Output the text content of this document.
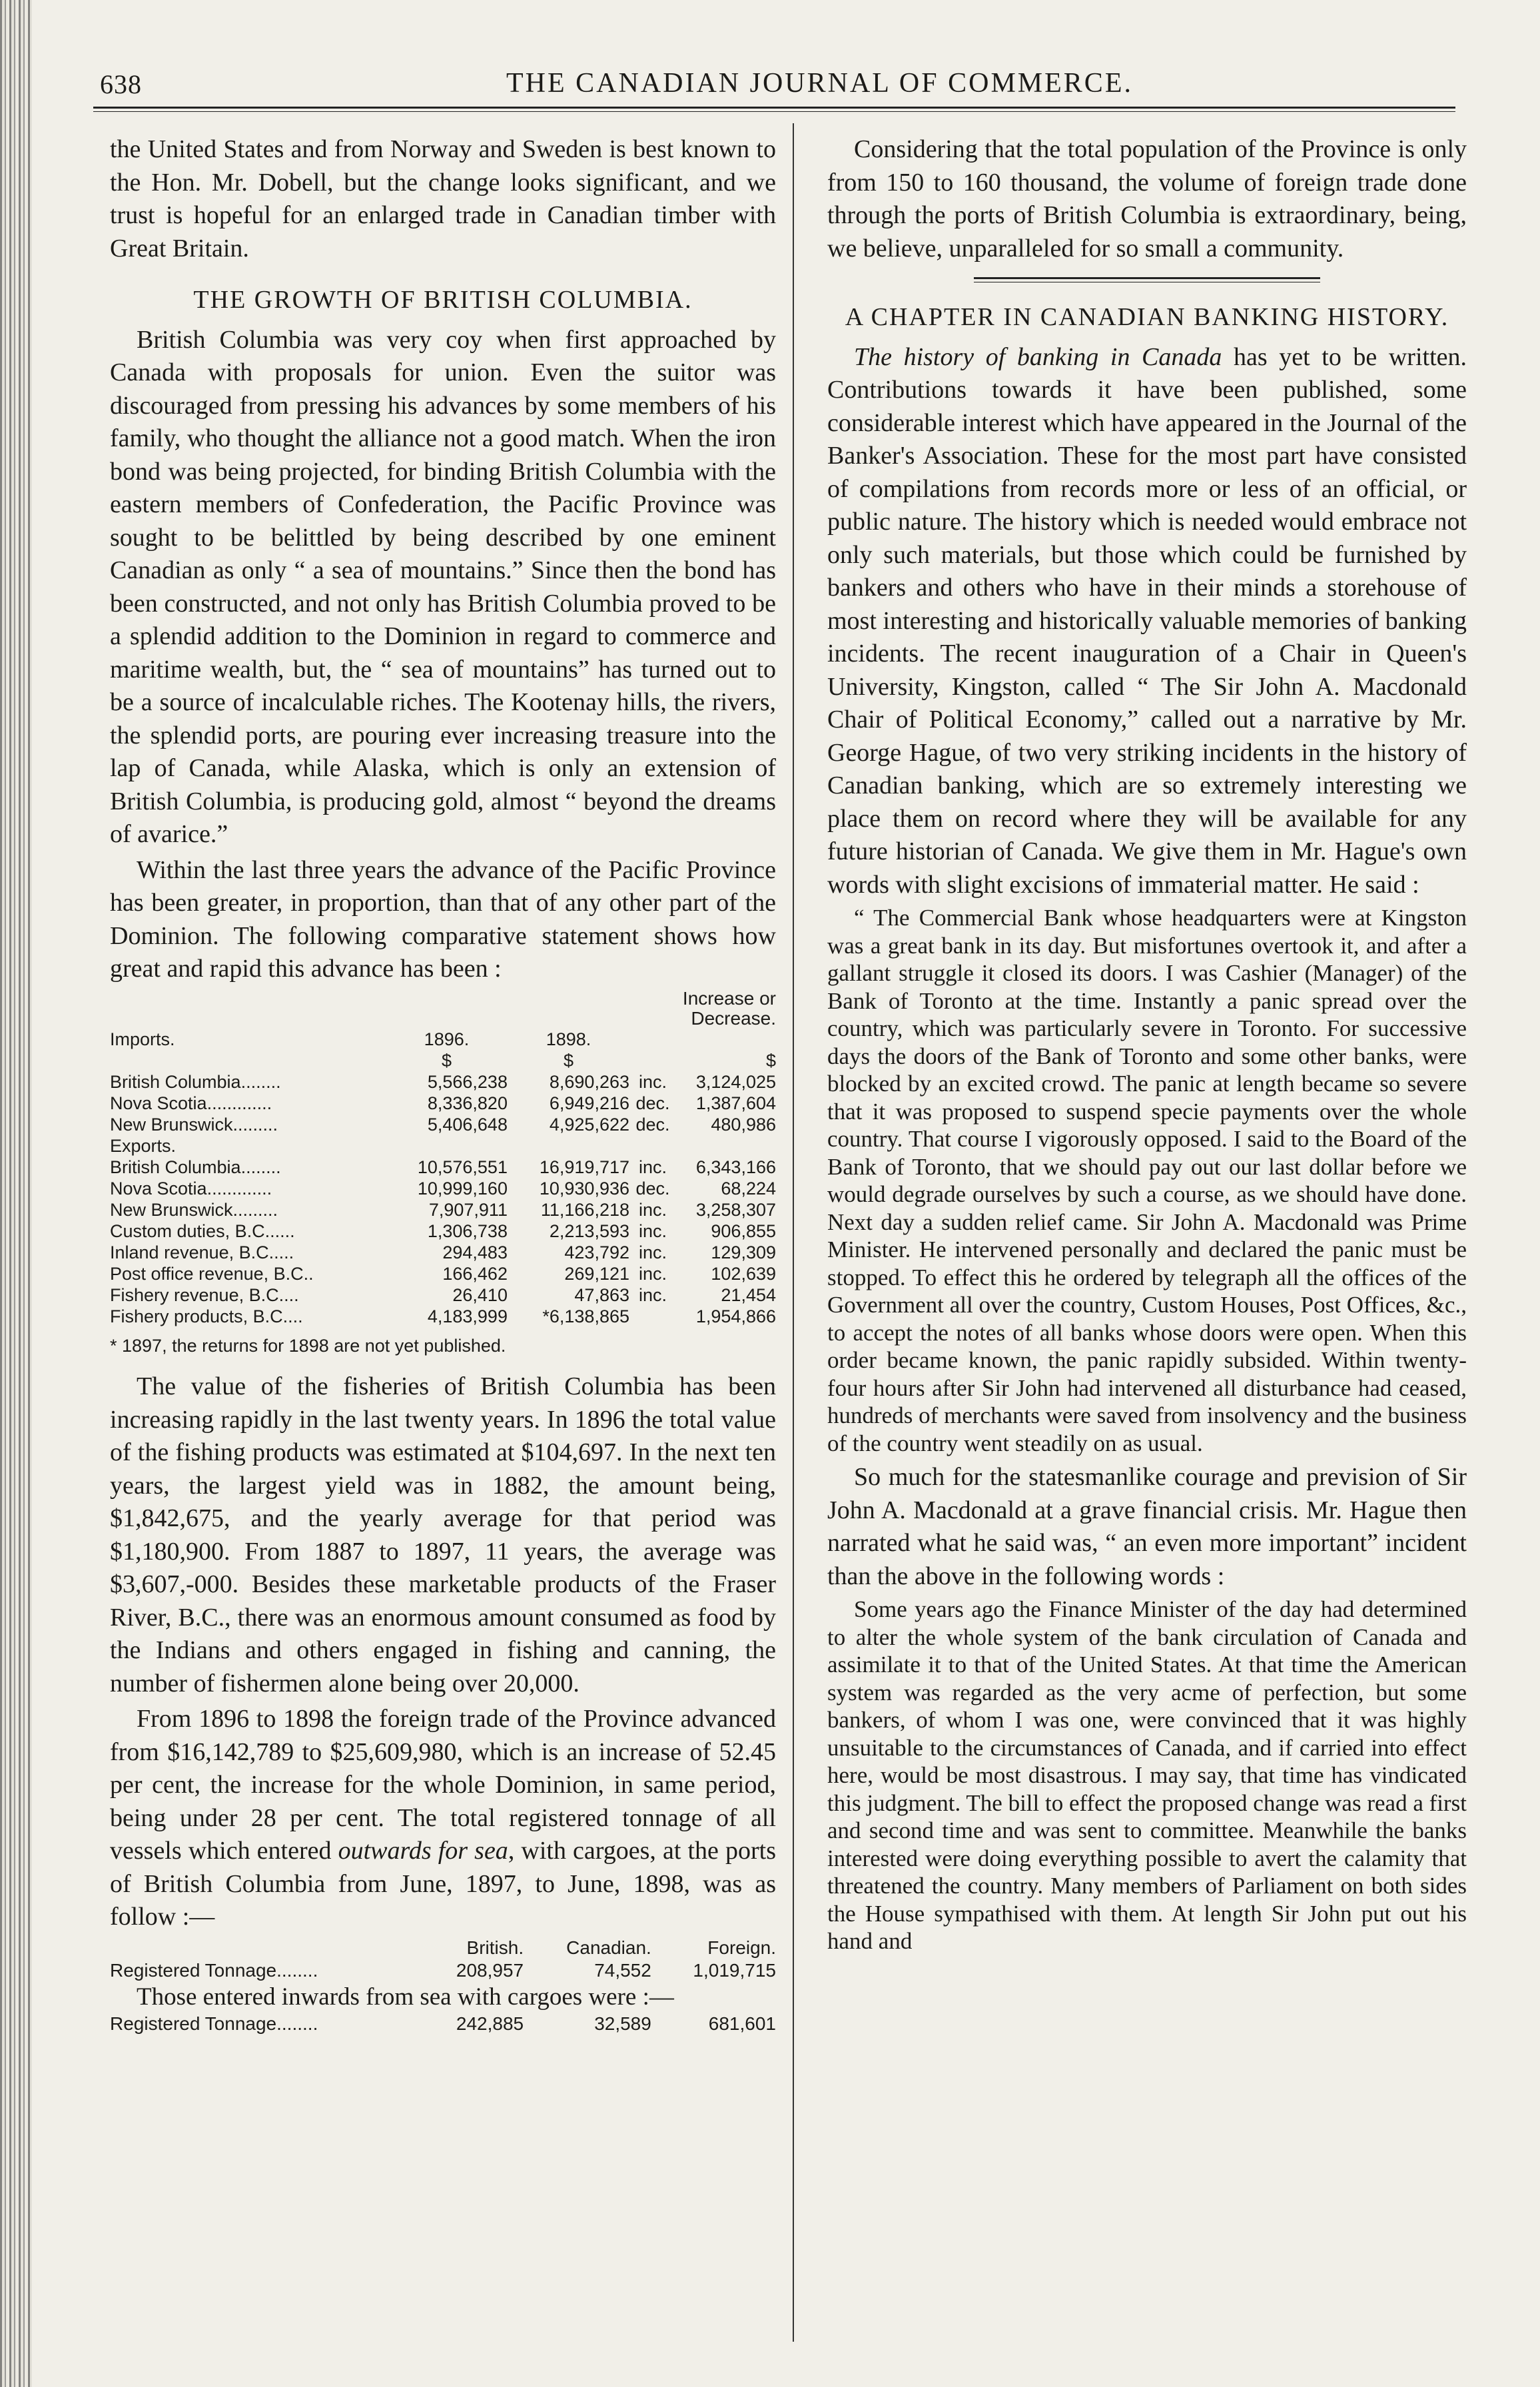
638	THE CANADIAN JOURNAL OF COMMERCE.

the United States and from Norway and Sweden is best known to the Hon. Mr. Dobell, but the change looks significant, and we trust is hopeful for an enlarged trade in Canadian timber with Great Britain.

THE GROWTH OF BRITISH COLUMBIA.

British Columbia was very coy when first approached by Canada with proposals for union. Even the suitor was discouraged from pressing his advances by some members of his family, who thought the alliance not a good match. When the iron bond was being projected, for binding British Columbia with the eastern members of Confederation, the Pacific Province was sought to be belittled by being described by one eminent Canadian as only “ a sea of mountains.” Since then the bond has been constructed, and not only has British Columbia proved to be a splendid addition to the Dominion in regard to commerce and maritime wealth, but, the “ sea of mountains” has turned out to be a source of incalculable riches. The Kootenay hills, the rivers, the splendid ports, are pouring ever increasing treasure into the lap of Canada, while Alaska, which is only an extension of British Columbia, is producing gold, almost “ beyond the dreams of avarice.”

Within the last three years the advance of the Pacific Province has been greater, in proportion, than that of any other part of the Dominion. The following comparative statement shows how great and rapid this advance has been :

				Increase or Decrease.
Imports.	1896.	1898.		
	$	$		$
British Columbia........	5,566,238	8,690,263	inc.	3,124,025
Nova Scotia.............	8,336,820	6,949,216	dec.	1,387,604
New Brunswick.........	5,406,648	4,925,622	dec.	480,986
Exports.				
British Columbia........	10,576,551	16,919,717	inc.	6,343,166
Nova Scotia.............	10,999,160	10,930,936	dec.	68,224
New Brunswick.........	7,907,911	11,166,218	inc.	3,258,307
Custom duties, B.C......	1,306,738	2,213,593	inc.	906,855
Inland revenue, B.C.....	294,483	423,792	inc.	129,309
Post office revenue, B.C..	166,462	269,121	inc.	102,639
Fishery revenue, B.C....	26,410	47,863	inc.	21,454
Fishery products, B.C....	4,183,999	*6,138,865		1,954,866
* 1897, the returns for 1898 are not yet published.

The value of the fisheries of British Columbia has been increasing rapidly in the last twenty years. In 1896 the total value of the fishing products was estimated at $104,697. In the next ten years, the largest yield was in 1882, the amount being, $1,842,675, and the yearly average for that period was $1,180,900. From 1887 to 1897, 11 years, the average was $3,607,-000. Besides these marketable products of the Fraser River, B.C., there was an enormous amount consumed as food by the Indians and others engaged in fishing and canning, the number of fishermen alone being over 20,000.

From 1896 to 1898 the foreign trade of the Province advanced from $16,142,789 to $25,609,980, which is an increase of 52.45 per cent, the increase for the whole Dominion, in same period, being under 28 per cent. The total registered tonnage of all vessels which entered outwards for sea, with cargoes, at the ports of British Columbia from June, 1897, to June, 1898, was as follow :—

	British.	Canadian.	Foreign.
Registered Tonnage........	208,957	74,552	1,019,715
Those entered inwards from sea with cargoes were :—			
Registered Tonnage........	242,885	32,589	681,601

Considering that the total population of the Province is only from 150 to 160 thousand, the volume of foreign trade done through the ports of British Columbia is extraordinary, being, we believe, unparalleled for so small a community.

A CHAPTER IN CANADIAN BANKING HISTORY.

The history of banking in Canada has yet to be written. Contributions towards it have been published, some considerable interest which have appeared in the Journal of the Banker's Association. These for the most part have consisted of compilations from records more or less of an official, or public nature. The history which is needed would embrace not only such materials, but those which could be furnished by bankers and others who have in their minds a storehouse of most interesting and historically valuable memories of banking incidents. The recent inauguration of a Chair in Queen's University, Kingston, called “ The Sir John A. Macdonald Chair of Political Economy,” called out a narrative by Mr. George Hague, of two very striking incidents in the history of Canadian banking, which are so extremely interesting we place them on record where they will be available for any future historian of Canada. We give them in Mr. Hague's own words with slight excisions of immaterial matter. He said :

“ The Commercial Bank whose headquarters were at Kingston was a great bank in its day. But misfortunes overtook it, and after a gallant struggle it closed its doors. I was Cashier (Manager) of the Bank of Toronto at the time. Instantly a panic spread over the country, which was particularly severe in Toronto. For successive days the doors of the Bank of Toronto and some other banks, were blocked by an excited crowd. The panic at length became so severe that it was proposed to suspend specie payments over the whole country. That course I vigorously opposed. I said to the Board of the Bank of Toronto, that we should pay out our last dollar before we would degrade ourselves by such a course, as we should have done. Next day a sudden relief came. Sir John A. Macdonald was Prime Minister. He intervened personally and declared the panic must be stopped. To effect this he ordered by telegraph all the offices of the Government all over the country, Custom Houses, Post Offices, &c., to accept the notes of all banks whose doors were open. When this order became known, the panic rapidly subsided. Within twenty-four hours after Sir John had intervened all disturbance had ceased, hundreds of merchants were saved from insolvency and the business of the country went steadily on as usual.

So much for the statesmanlike courage and prevision of Sir John A. Macdonald at a grave financial crisis. Mr. Hague then narrated what he said was, “ an even more important” incident than the above in the following words :

Some years ago the Finance Minister of the day had determined to alter the whole system of the bank circulation of Canada and assimilate it to that of the United States. At that time the American system was regarded as the very acme of perfection, but some bankers, of whom I was one, were convinced that it was highly unsuitable to the circumstances of Canada, and if carried into effect here, would be most disastrous. I may say, that time has vindicated this judgment. The bill to effect the proposed change was read a first and second time and was sent to committee. Meanwhile the banks interested were doing everything possible to avert the calamity that threatened the country. Many members of Parliament on both sides the House sympathised with them. At length Sir John put out his hand and
